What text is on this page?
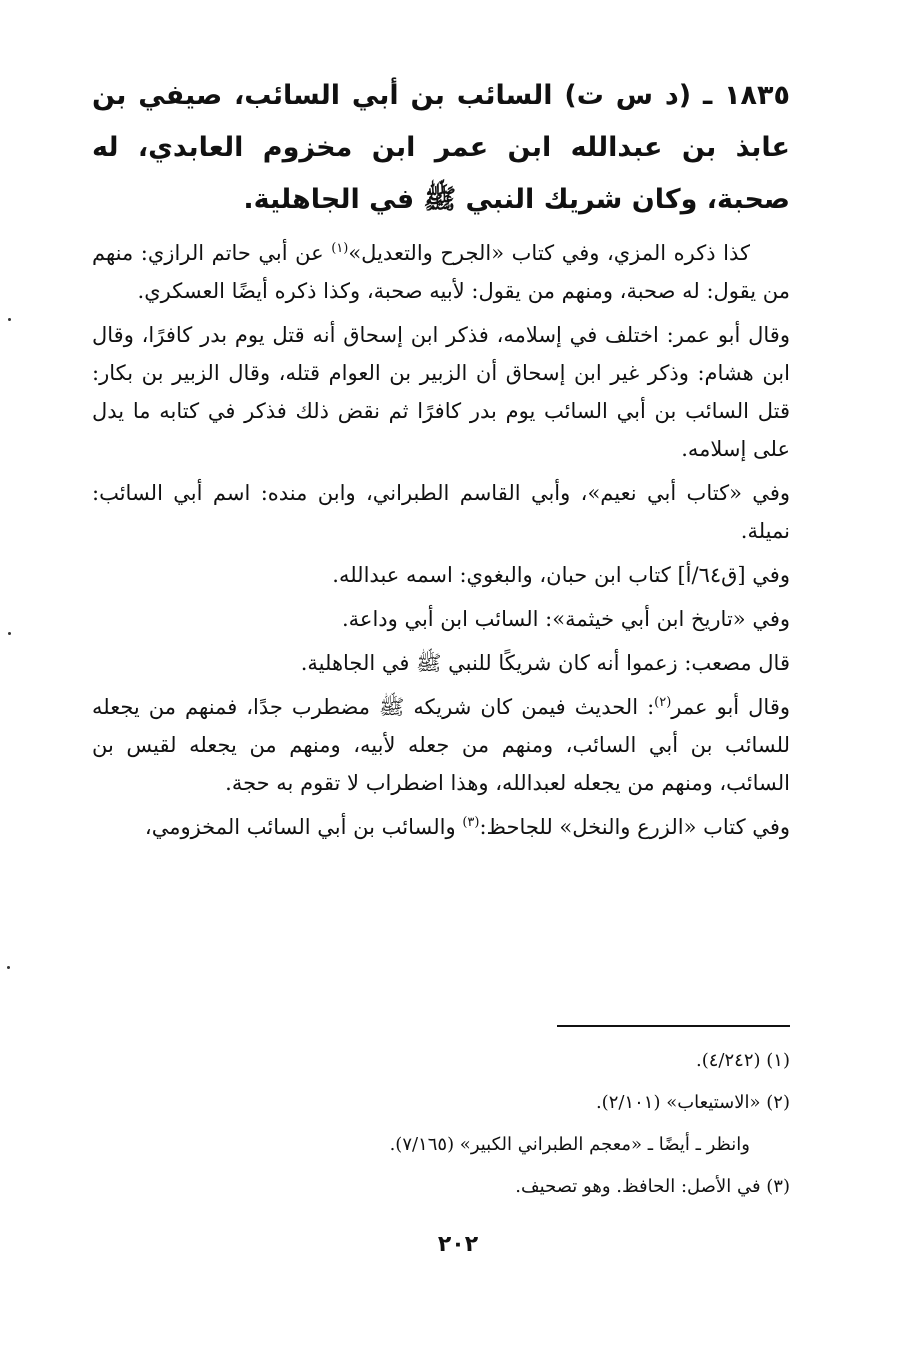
١٨٣٥ ـ (د س ت) السائب بن أبي السائب، صيفي بن عابذ بن عبدالله ابن عمر ابن مخزوم العابدي، له صحبة، وكان شريك النبي ﷺ في الجاهلية.

كذا ذكره المزي، وفي كتاب «الجرح والتعديل»$^{(١)}$ عن أبي حاتم الرازي: منهم من يقول: له صحبة، ومنهم من يقول: لأبيه صحبة، وكذا ذكره أيضًا العسكري.

وقال أبو عمر: اختلف في إسلامه، فذكر ابن إسحاق أنه قتل يوم بدر كافرًا، وقال ابن هشام: وذكر غير ابن إسحاق أن الزبير بن العوام قتله، وقال الزبير بن بكار: قتل السائب بن أبي السائب يوم بدر كافرًا ثم نقض ذلك فذكر في كتابه ما يدل على إسلامه.

وفي «كتاب أبي نعيم»، وأبي القاسم الطبراني، وابن منده: اسم أبي السائب: نميلة.

وفي [ق٦٤/أ] كتاب ابن حبان، والبغوي: اسمه عبدالله.

وفي «تاريخ ابن أبي خيثمة»: السائب ابن أبي وداعة.

قال مصعب: زعموا أنه كان شريكًا للنبي ﷺ في الجاهلية.

وقال أبو عمر$^{(٢)}$: الحديث فيمن كان شريكه ﷺ مضطرب جدًا، فمنهم من يجعله للسائب بن أبي السائب، ومنهم من جعله لأبيه، ومنهم من يجعله لقيس بن السائب، ومنهم من يجعله لعبدالله، وهذا اضطراب لا تقوم به حجة.

وفي كتاب «الزرع والنخل» للجاحظ:$^{(٣)}$ والسائب بن أبي السائب المخزومي،

(١) (٤/٢٤٢).

(٢) «الاستيعاب» (٢/١٠١).

وانظر ـ أيضًا ـ «معجم الطبراني الكبير» (٧/١٦٥).

(٣) في الأصل: الحافظ. وهو تصحيف.

٢٠٢
